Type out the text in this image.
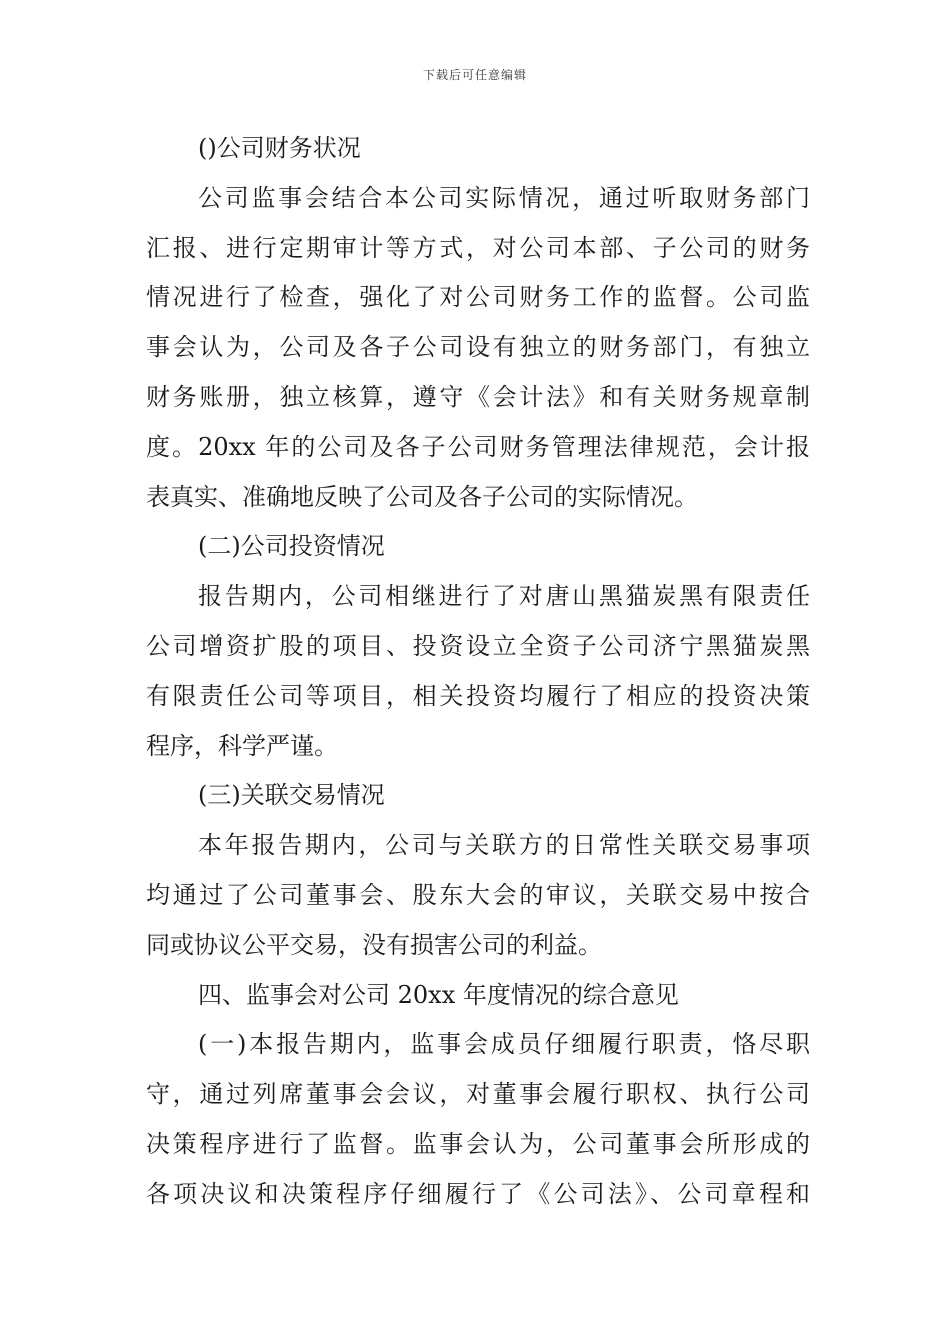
下载后可任意编辑
()公司财务状况
公司监事会结合本公司实际情况，通过听取财务部门
汇报、进行定期审计等方式，对公司本部、子公司的财务
情况进行了检查，强化了对公司财务工作的监督。公司监
事会认为，公司及各子公司设有独立的财务部门，有独立
财务账册，独立核算，遵守《会计法》和有关财务规章制
度。20xx 年的公司及各子公司财务管理法律规范，会计报
表真实、准确地反映了公司及各子公司的实际情况。
(二)公司投资情况
报告期内，公司相继进行了对唐山黑猫炭黑有限责任
公司增资扩股的项目、投资设立全资子公司济宁黑猫炭黑
有限责任公司等项目，相关投资均履行了相应的投资决策
程序，科学严谨。
(三)关联交易情况
本年报告期内，公司与关联方的日常性关联交易事项
均通过了公司董事会、股东大会的审议，关联交易中按合
同或协议公平交易，没有损害公司的利益。
四、监事会对公司 20xx 年度情况的综合意见
(一)本报告期内，监事会成员仔细履行职责，恪尽职
守，通过列席董事会会议，对董事会履行职权、执行公司
决策程序进行了监督。监事会认为，公司董事会所形成的
各项决议和决策程序仔细履行了《公司法》、公司章程和
